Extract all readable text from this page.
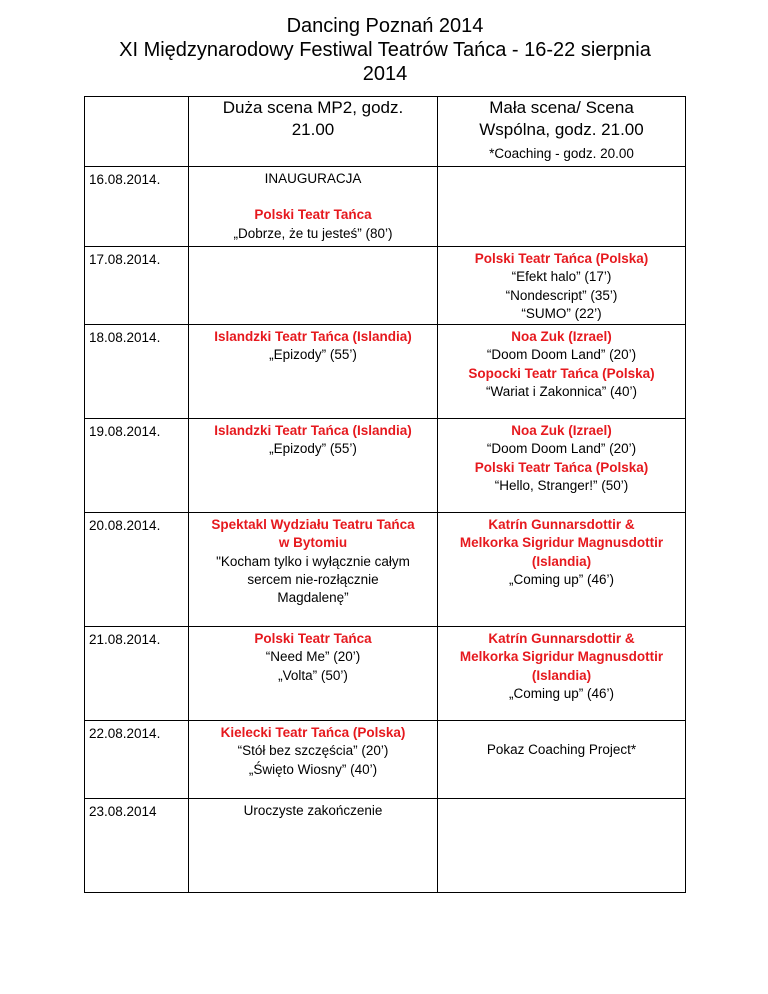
Dancing Poznań 2014
XI Międzynarodowy Festiwal Teatrów Tańca - 16-22 sierpnia
2014

	Duża scena MP2, godz.
21.00	Mała scena/ Scena
Wspólna, godz. 21.00
*Coaching - godz. 20.00

16.08.2014.	INAUGURACJA
Polski Teatr Tańca
„Dobrze, że tu jesteś” (80’)	

17.08.2014.		Polski Teatr Tańca (Polska)
“Efekt halo” (17’)
“Nondescript” (35’)
“SUMO” (22’)

18.08.2014.	Islandzki Teatr Tańca (Islandia)
„Epizody” (55’)	Noa Zuk (Izrael)
“Doom Doom Land” (20’)
Sopocki Teatr Tańca (Polska)
“Wariat i Zakonnica” (40’)

19.08.2014.	Islandzki Teatr Tańca (Islandia)
„Epizody” (55’)	Noa Zuk (Izrael)
“Doom Doom Land” (20’)
Polski Teatr Tańca (Polska)
“Hello, Stranger!” (50’)

20.08.2014.	Spektakl Wydziału Teatru Tańca
w Bytomiu
"Kocham tylko i wyłącznie całym
sercem nie-rozłącznie
Magdalenę”	Katrín Gunnarsdottir &
Melkorka Sigridur Magnusdottir
(Islandia)
„Coming up” (46’)

21.08.2014.	Polski Teatr Tańca
“Need Me” (20’)
„Volta” (50’)	Katrín Gunnarsdottir &
Melkorka Sigridur Magnusdottir
(Islandia)
„Coming up” (46’)

22.08.2014.	Kielecki Teatr Tańca (Polska)
“Stół bez szczęścia” (20’)
„Święto Wiosny” (40’)	Pokaz Coaching Project*

23.08.2014	Uroczyste zakończenie	
